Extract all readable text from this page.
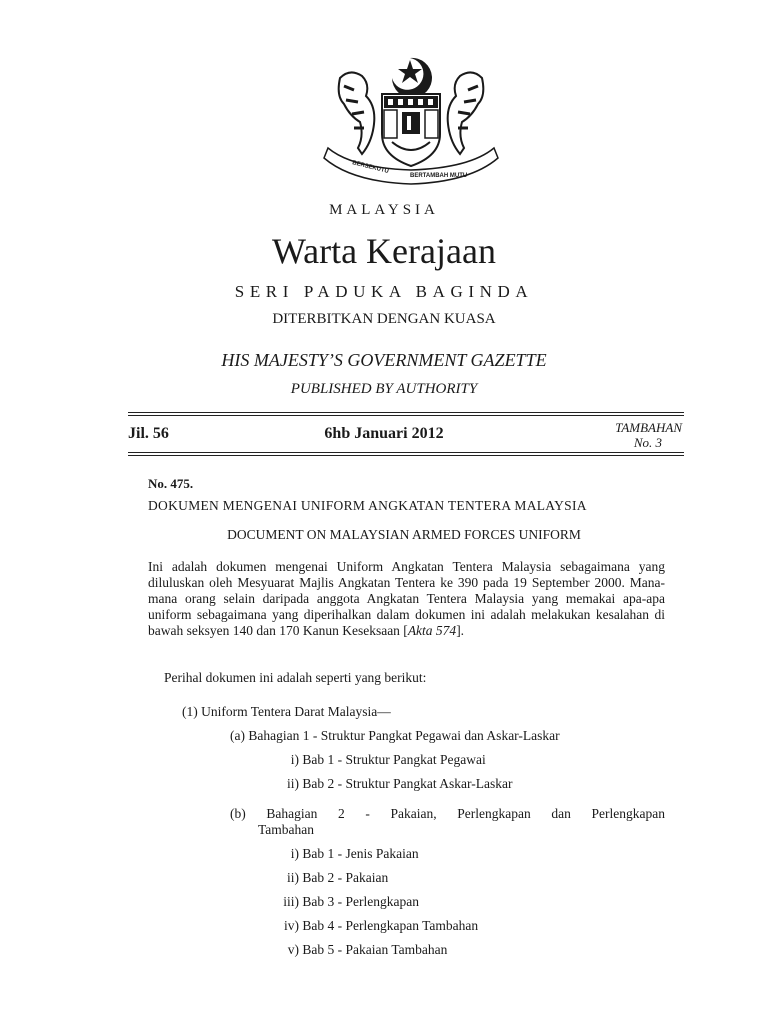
BERSEKUTU
BERTAMBAH MUTU
MALAYSIA
Warta Kerajaan
SERI PADUKA BAGINDA
DITERBITKAN DENGAN KUASA
HIS MAJESTY’S GOVERNMENT GAZETTE
PUBLISHED BY AUTHORITY
Jil. 56	6hb Januari 2012	TAMBAHAN
No. 3
No. 475.
DOKUMEN MENGENAI UNIFORM ANGKATAN TENTERA MALAYSIA
DOCUMENT ON MALAYSIAN ARMED FORCES UNIFORM
Ini adalah dokumen mengenai Uniform Angkatan Tentera Malaysia sebagaimana yang diluluskan oleh Mesyuarat Majlis Angkatan Tentera ke 390 pada 19 September 2000. Mana-mana orang selain daripada anggota Angkatan Tentera Malaysia yang memakai apa-apa uniform sebagaimana yang diperihalkan dalam dokumen ini adalah melakukan kesalahan di bawah seksyen 140 dan 170 Kanun Keseksaan [Akta 574].
Perihal dokumen ini adalah seperti yang berikut:
(1) Uniform Tentera Darat Malaysia—
(a) Bahagian 1 - Struktur Pangkat Pegawai dan Askar-Laskar
i) Bab 1 - Struktur Pangkat Pegawai
ii) Bab 2 - Struktur Pangkat Askar-Laskar
(b) Bahagian 2 - Pakaian, Perlengkapan dan Perlengkapan
Tambahan
i) Bab 1 - Jenis Pakaian
ii) Bab 2 - Pakaian
iii) Bab 3 - Perlengkapan
iv) Bab 4 - Perlengkapan Tambahan
v) Bab 5 - Pakaian Tambahan
